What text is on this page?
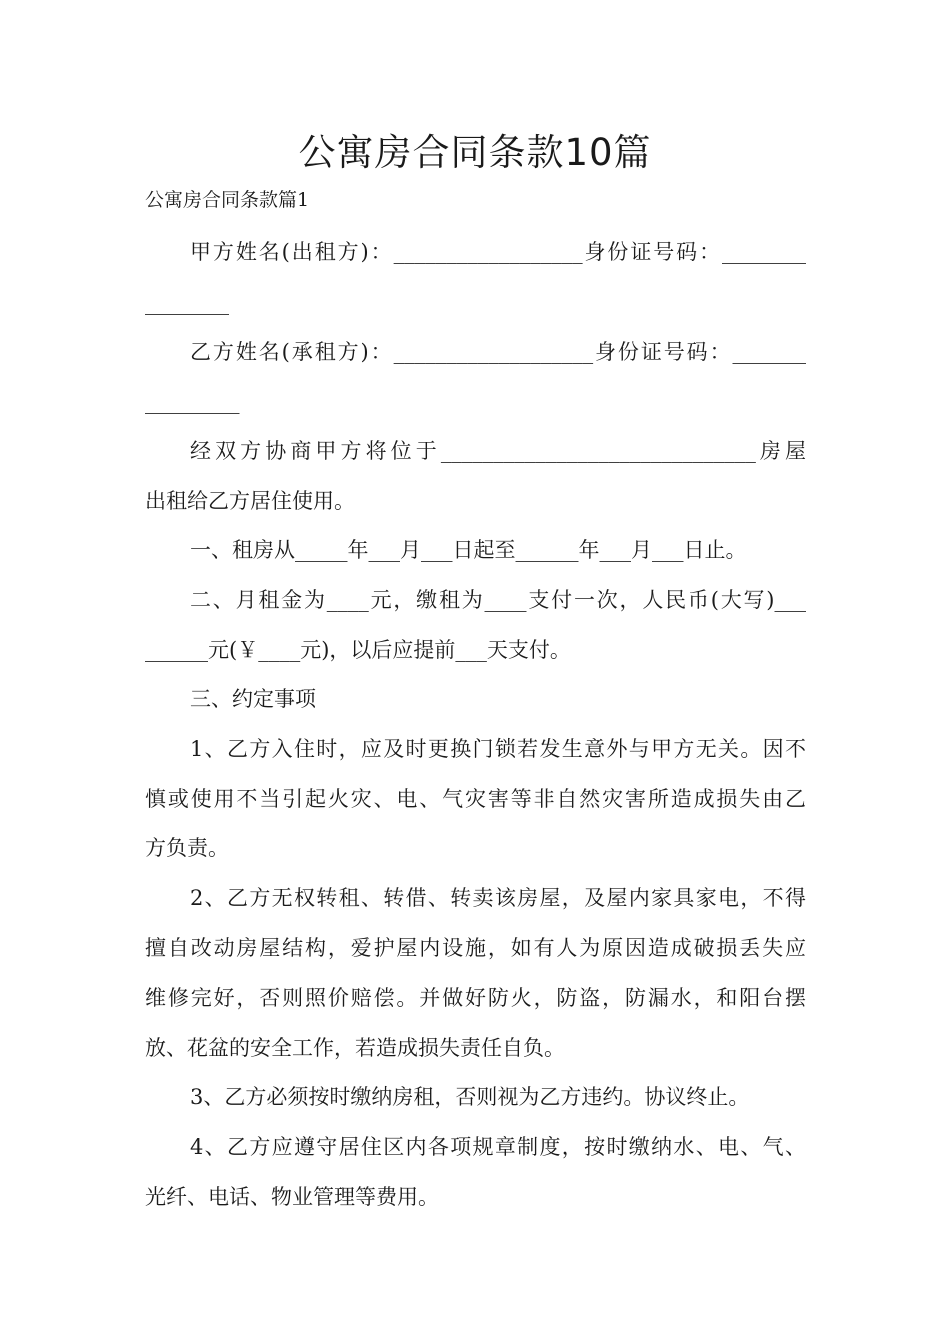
公寓房合同条款10篇
公寓房合同条款篇1
甲方姓名(出租方)：__________________身份证号码：________
________
乙方姓名(承租方)：___________________身份证号码：_______
_________
经双方协商甲方将位于______________________________房屋
出租给乙方居住使用。
一、租房从_____年___月___日起至______年___月___日止。
二、月租金为____元，缴租为____支付一次，人民币(大写)___
______元(￥____元)，以后应提前___天支付。
三、约定事项
1、乙方入住时，应及时更换门锁若发生意外与甲方无关。因不
慎或使用不当引起火灾、电、气灾害等非自然灾害所造成损失由乙
方负责。
2、乙方无权转租、转借、转卖该房屋，及屋内家具家电，不得
擅自改动房屋结构，爱护屋内设施，如有人为原因造成破损丢失应
维修完好，否则照价赔偿。并做好防火，防盗，防漏水，和阳台摆
放、花盆的安全工作，若造成损失责任自负。
3、乙方必须按时缴纳房租，否则视为乙方违约。协议终止。
4、乙方应遵守居住区内各项规章制度，按时缴纳水、电、气、
光纤、电话、物业管理等费用。
